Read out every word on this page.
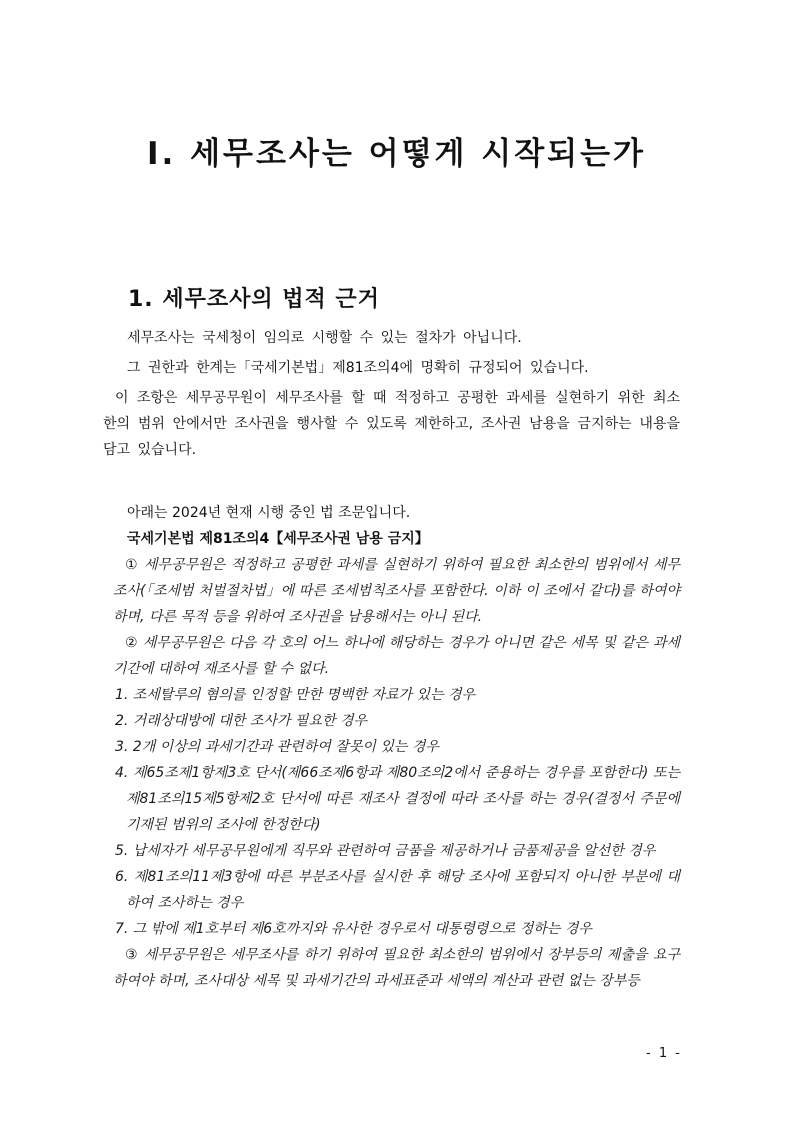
Ⅰ. 세무조사는 어떻게 시작되는가
1. 세무조사의 법적 근거

세무조사는 국세청이 임의로 시행할 수 있는 절차가 아닙니다.

그 권한과 한계는「국세기본법」제81조의4에 명확히 규정되어 있습니다.

이 조항은 세무공무원이 세무조사를 할 때 적정하고 공평한 과세를 실현하기 위한 최소한의 범위 안에서만 조사권을 행사할 수 있도록 제한하고, 조사권 남용을 금지하는 내용을 담고 있습니다.

아래는 2024년 현재 시행 중인 법 조문입니다.

국세기본법 제81조의4【세무조사권 남용 금지】

① 세무공무원은 적정하고 공평한 과세를 실현하기 위하여 필요한 최소한의 범위에서 세무조사(「조세범 처벌절차법」에 따른 조세범칙조사를 포함한다. 이하 이 조에서 같다)를 하여야 하며, 다른 목적 등을 위하여 조사권을 남용해서는 아니 된다.

② 세무공무원은 다음 각 호의 어느 하나에 해당하는 경우가 아니면 같은 세목 및 같은 과세기간에 대하여 재조사를 할 수 없다.

1. 조세탈루의 혐의를 인정할 만한 명백한 자료가 있는 경우

2. 거래상대방에 대한 조사가 필요한 경우

3. 2개 이상의 과세기간과 관련하여 잘못이 있는 경우

4. 제65조제1항제3호 단서(제66조제6항과 제80조의2에서 준용하는 경우를 포함한다) 또는 제81조의15제5항제2호 단서에 따른 재조사 결정에 따라 조사를 하는 경우(결정서 주문에 기재된 범위의 조사에 한정한다)

5. 납세자가 세무공무원에게 직무와 관련하여 금품을 제공하거나 금품제공을 알선한 경우

6. 제81조의11제3항에 따른 부분조사를 실시한 후 해당 조사에 포함되지 아니한 부분에 대하여 조사하는 경우

7. 그 밖에 제1호부터 제6호까지와 유사한 경우로서 대통령령으로 정하는 경우

③ 세무공무원은 세무조사를 하기 위하여 필요한 최소한의 범위에서 장부등의 제출을 요구하여야 하며, 조사대상 세목 및 과세기간의 과세표준과 세액의 계산과 관련 없는 장부등

- 1 -
